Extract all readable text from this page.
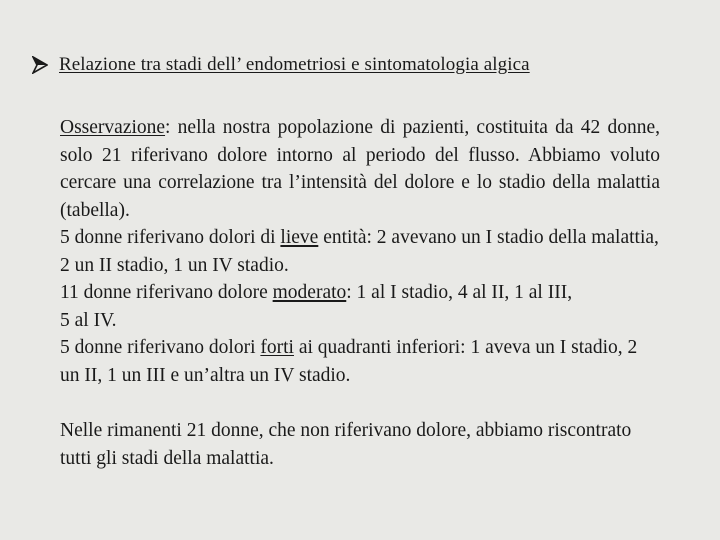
Relazione tra stadi dell’ endometriosi e sintomatologia algica

Osservazione: nella nostra popolazione di pazienti, costituita da 42 donne, solo 21 riferivano dolore intorno al periodo del flusso. Abbiamo voluto cercare una correlazione tra l’intensità del dolore e lo stadio della malattia (tabella).

5 donne riferivano dolori di lieve entità: 2 avevano un I stadio della malattia, 2 un II stadio, 1 un IV stadio.

11 donne riferivano dolore moderato: 1 al I stadio, 4 al II, 1 al III,
5 al IV.

5 donne riferivano dolori forti ai quadranti inferiori: 1 aveva un I stadio, 2 un II, 1 un III e un’altra un IV stadio.

Nelle rimanenti 21 donne, che non riferivano dolore, abbiamo riscontrato tutti gli stadi della malattia.
